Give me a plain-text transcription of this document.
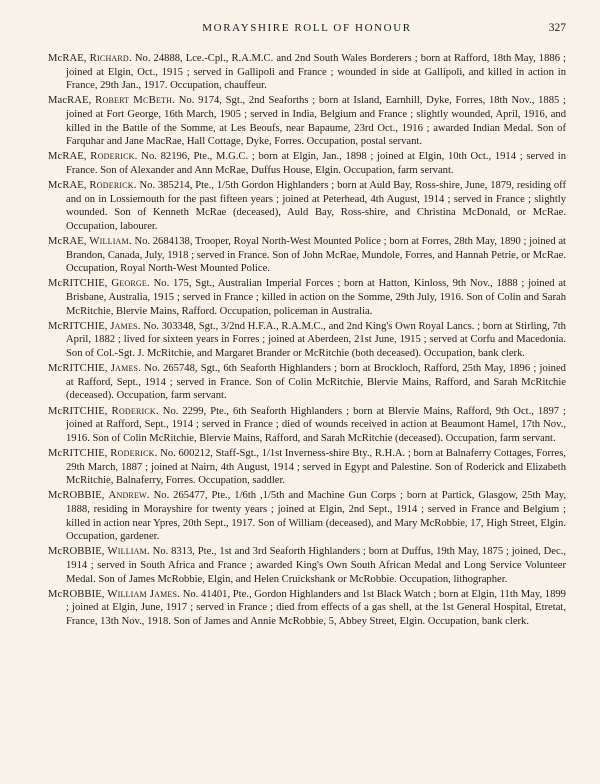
MORAYSHIRE ROLL OF HONOUR	327

McRAE, Richard. No. 24888, Lce.-Cpl., R.A.M.C. and 2nd South Wales Borderers ; born at Rafford, 18th May, 1886 ; joined at Elgin, Oct., 1915 ; served in Gallipoli and France ; wounded in side at Gallipoli, and killed in action in France, 29th Jan., 1917. Occupation, chauffeur.

MacRAE, Robert McBeth. No. 9174, Sgt., 2nd Seaforths ; born at Island, Earnhill, Dyke, Forres, 18th Nov., 1885 ; joined at Fort George, 16th March, 1905 ; served in India, Belgium and France ; slightly wounded, April, 1916, and killed in the Battle of the Somme, at Les Beoufs, near Bapaume, 23rd Oct., 1916 ; awarded Indian Medal. Son of Farquhar and Jane MacRae, Hall Cottage, Dyke, Forres. Occupation, postal servant.

McRAE, Roderick. No. 82196, Pte., M.G.C. ; born at Elgin, Jan., 1898 ; joined at Elgin, 10th Oct., 1914 ; served in France. Son of Alexander and Ann McRae, Duffus House, Elgin. Occupation, farm servant.

McRAE, Roderick. No. 385214, Pte., 1/5th Gordon Highlanders ; born at Auld Bay, Ross-shire, June, 1879, residing off and on in Lossiemouth for the past fifteen years ; joined at Peterhead, 4th August, 1914 ; served in France ; slightly wounded. Son of Kenneth McRae (deceased), Auld Bay, Ross-shire, and Christina McDonald, or McRae. Occupation, labourer.

McRAE, William. No. 2684138, Trooper, Royal North-West Mounted Police ; born at Forres, 28th May, 1890 ; joined at Brandon, Canada, July, 1918 ; served in France. Son of John McRae, Mundole, Forres, and Hannah Petrie, or McRae. Occupation, Royal North-West Mounted Police.

McRITCHIE, George. No. 175, Sgt., Australian Imperial Forces ; born at Hatton, Kinloss, 9th Nov., 1888 ; joined at Brisbane, Australia, 1915 ; served in France ; killed in action on the Somme, 29th July, 1916. Son of Colin and Sarah McRitchie, Blervie Mains, Rafford. Occupation, policeman in Australia.

McRITCHIE, James. No. 303348, Sgt., 3/2nd H.F.A., R.A.M.C., and 2nd King's Own Royal Lancs. ; born at Stirling, 7th April, 1882 ; lived for sixteen years in Forres ; joined at Aberdeen, 21st June, 1915 ; served at Corfu and Macedonia. Son of Col.-Sgt. J. McRitchie, and Margaret Brander or McRitchie (both deceased). Occupation, bank clerk.

McRITCHIE, James. No. 265748, Sgt., 6th Seaforth Highlanders ; born at Brockloch, Rafford, 25th May, 1896 ; joined at Rafford, Sept., 1914 ; served in France. Son of Colin McRitchie, Blervie Mains, Rafford, and Sarah McRitchie (deceased). Occupation, farm servant.

McRITCHIE, Roderick. No. 2299, Pte., 6th Seaforth Highlanders ; born at Blervie Mains, Rafford, 9th Oct., 1897 ; joined at Rafford, Sept., 1914 ; served in France ; died of wounds received in action at Beaumont Hamel, 17th Nov., 1916. Son of Colin McRitchie, Blervie Mains, Rafford, and Sarah McRitchie (deceased). Occupation, farm servant.

McRITCHIE, Roderick. No. 600212, Staff-Sgt., 1/1st Inverness-shire Bty., R.H.A. ; born at Balnaferry Cottages, Forres, 29th March, 1887 ; joined at Nairn, 4th August, 1914 ; served in Egypt and Palestine. Son of Roderick and Elizabeth McRitchie, Balnaferry, Forres. Occupation, saddler.

McROBBIE, Andrew. No. 265477, Pte., 1/6th ,1/5th and Machine Gun Corps ; born at Partick, Glasgow, 25th May, 1888, residing in Morayshire for twenty years ; joined at Elgin, 2nd Sept., 1914 ; served in France and Belgium ; killed in action near Ypres, 20th Sept., 1917. Son of William (deceased), and Mary McRobbie, 17, High Street, Elgin. Occupation, gardener.

McROBBIE, William. No. 8313, Pte., 1st and 3rd Seaforth Highlanders ; born at Duffus, 19th May, 1875 ; joined, Dec., 1914 ; served in South Africa and France ; awarded King's Own South African Medal and Long Service Volunteer Medal. Son of James McRobbie, Elgin, and Helen Cruickshank or McRobbie. Occupation, lithographer.

McROBBIE, William James. No. 41401, Pte., Gordon Highlanders and 1st Black Watch ; born at Elgin, 11th May, 1899 ; joined at Elgin, June, 1917 ; served in France ; died from effects of a gas shell, at the 1st General Hospital, Etretat, France, 13th Nov., 1918. Son of James and Annie McRobbie, 5, Abbey Street, Elgin. Occupation, bank clerk.
